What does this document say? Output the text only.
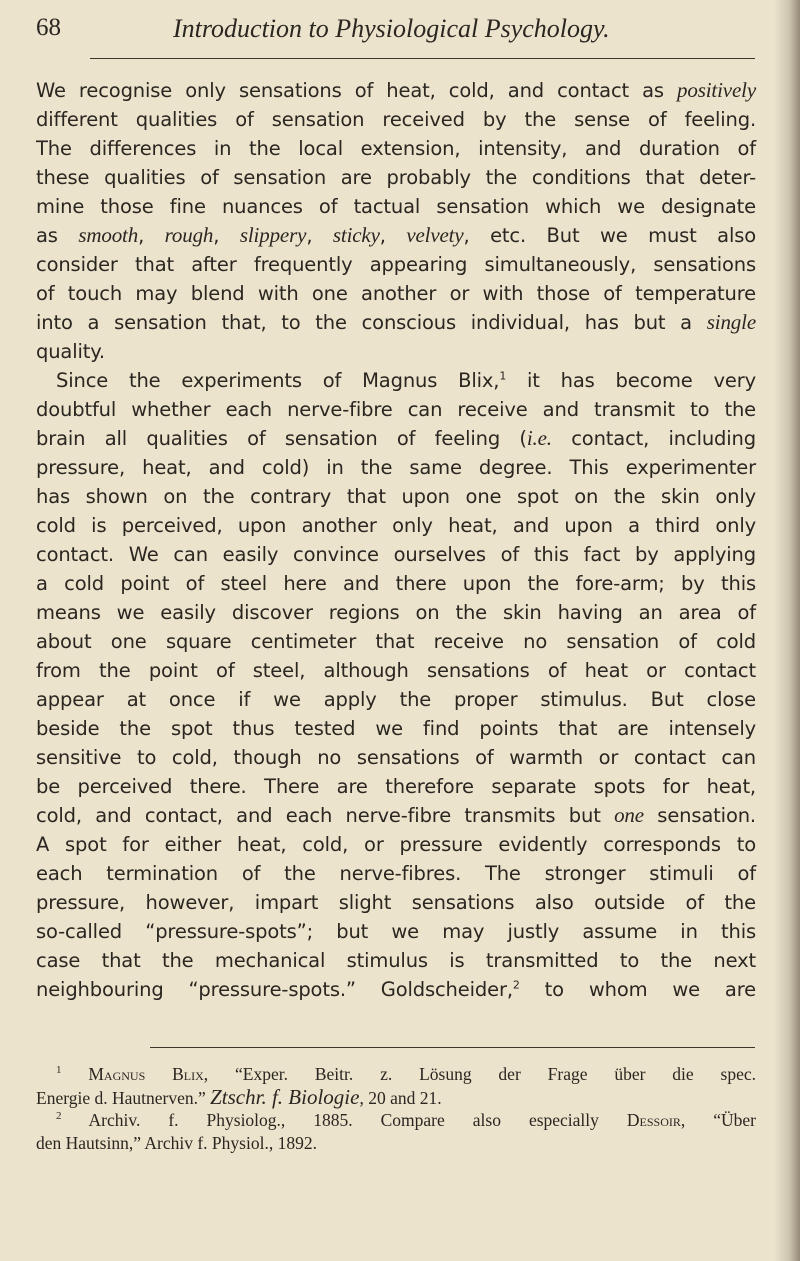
68	Introduction to Physiological Psychology.
We recognise only sensations of heat, cold, and contact as positively
different qualities of sensation received by the sense of feeling.
The differences in the local extension, intensity, and duration of
these qualities of sensation are probably the conditions that deter-
mine those fine nuances of tactual sensation which we designate
as smooth, rough, slippery, sticky, velvety, etc. But we must also
consider that after frequently appearing simultaneously, sensations
of touch may blend with one another or with those of temperature
into a sensation that, to the conscious individual, has but a single
quality.
Since the experiments of Magnus Blix,$^1$ it has become very
doubtful whether each nerve-fibre can receive and transmit to the
brain all qualities of sensation of feeling (i.e. contact, including
pressure, heat, and cold) in the same degree. This experimenter
has shown on the contrary that upon one spot on the skin only
cold is perceived, upon another only heat, and upon a third only
contact. We can easily convince ourselves of this fact by applying
a cold point of steel here and there upon the fore-arm; by this
means we easily discover regions on the skin having an area of
about one square centimeter that receive no sensation of cold
from the point of steel, although sensations of heat or contact
appear at once if we apply the proper stimulus. But close
beside the spot thus tested we find points that are intensely
sensitive to cold, though no sensations of warmth or contact can
be perceived there. There are therefore separate spots for heat,
cold, and contact, and each nerve-fibre transmits but one sensation.
A spot for either heat, cold, or pressure evidently corresponds to
each termination of the nerve-fibres. The stronger stimuli of
pressure, however, impart slight sensations also outside of the
so-called “pressure-spots”; but we may justly assume in this
case that the mechanical stimulus is transmitted to the next
neighbouring “pressure-spots.” Goldscheider,$^2$ to whom we are
$^1$ Magnus Blix, “Exper. Beitr. z. Lösung der Frage über die spec.
Energie d. Hautnerven.” Ztschr. f. Biologie, 20 and 21.
$^2$ Archiv. f. Physiolog., 1885. Compare also especially Dessoir, “Über
den Hautsinn,” Archiv f. Physiol., 1892.
